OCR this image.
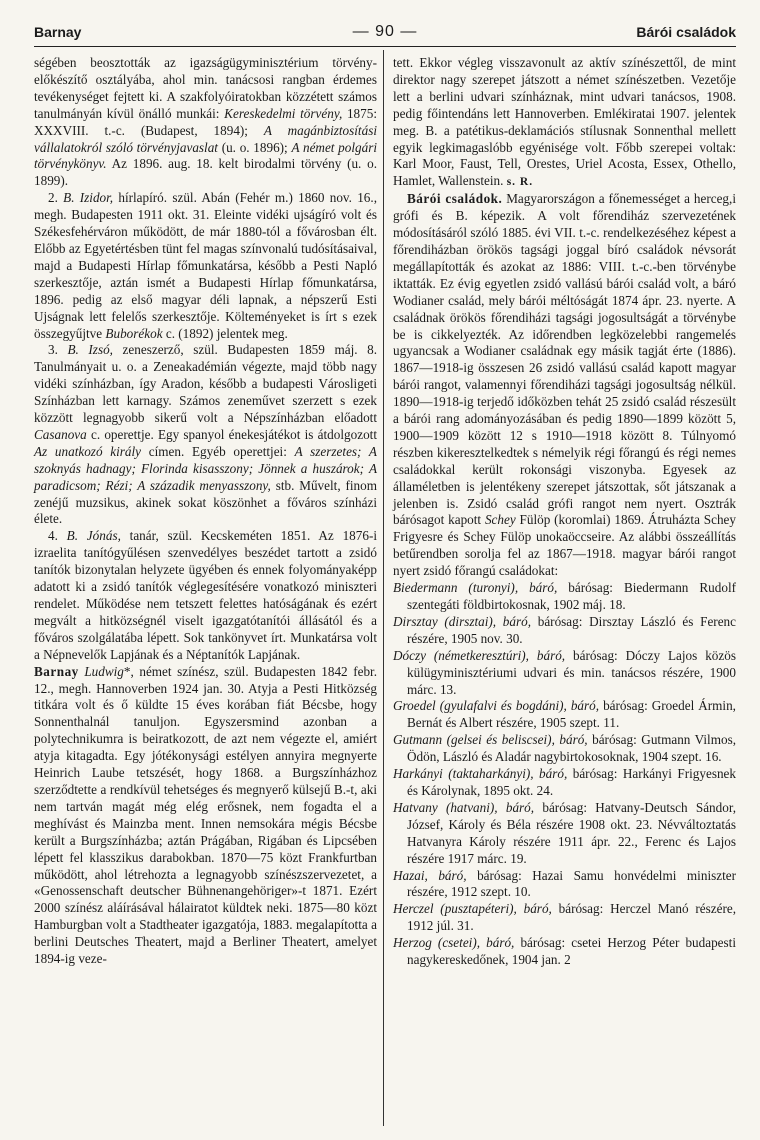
Barnay	— 90 —	Bárói családok

ségében beosztották az igazságügyminisztérium törvény-előkészítő osztályába, ahol min. tanácsosi rangban érdemes tevékenységet fejtett ki. A szakfolyóiratokban közzétett számos tanulmányán kívül önálló munkái: Kereskedelmi törvény, 1875: XXXVIII. t.-c. (Budapest, 1894); A magánbiztosítási vállalatokról szóló törvényjavaslat (u. o. 1896); A német polgári törvénykönyv. Az 1896. aug. 18. kelt birodalmi törvény (u. o. 1899).

2. B. Izidor, hírlapíró. szül. Abán (Fehér m.) 1860 nov. 16., megh. Budapesten 1911 okt. 31. Eleinte vidéki ujságíró volt és Székesfehérváron működött, de már 1880-tól a fővárosban élt. Előbb az Egyetértésben tünt fel magas színvonalú tudósításaival, majd a Budapesti Hírlap főmunkatársa, később a Pesti Napló szerkesztője, aztán ismét a Budapesti Hírlap főmunkatársa, 1896. pedig az első magyar déli lapnak, a népszerű Esti Ujságnak lett felelős szerkesztője. Költeményeket is írt s ezek összegyűjtve Buborékok c. (1892) jelentek meg.

3. B. Izsó, zeneszerző, szül. Budapesten 1859 máj. 8. Tanulmányait u. o. a Zeneakadémián végezte, majd több nagy vidéki színházban, így Aradon, később a budapesti Városligeti Színházban lett karnagy. Számos zeneművet szerzett s ezek közzött legnagyobb sikerű volt a Népszínházban előadott Casanova c. operettje. Egy spanyol énekesjátékot is átdolgozott Az unatkozó király címen. Egyéb operettjei: A szerzetes; A szoknyás hadnagy; Florinda kisasszony; Jönnek a huszárok; A paradicsom; Rézi; A századik menyasszony, stb. Művelt, finom zenéjű muzsikus, akinek sokat köszönhet a főváros színházi élete.

4. B. Jónás, tanár, szül. Kecskeméten 1851. Az 1876-i izraelita tanítógyűlésen szenvedélyes beszédet tartott a zsidó tanítók bizonytalan helyzete ügyében és ennek folyományaképp adatott ki a zsidó tanítók véglegesítésére vonatkozó miniszteri rendelet. Működése nem tetszett felettes hatóságának és ezért megvált a hitközségnél viselt igazgatótanítói állásától és a főváros szolgálatába lépett. Sok tankönyvet írt. Munkatársa volt a Népnevelők Lapjának és a Néptanítók Lapjának.

Barnay Ludwig*, német színész, szül. Budapesten 1842 febr. 12., megh. Hannoverben 1924 jan. 30. Atyja a Pesti Hitközség titkára volt és ő küldte 15 éves korában fiát Bécsbe, hogy Sonnenthalnál tanuljon. Egyszersmind azonban a polytechnikumra is beiratkozott, de azt nem végezte el, amiért atyja kitagadta. Egy jótékonysági estélyen annyira megnyerte Heinrich Laube tetszését, hogy 1868. a Burgszínházhoz szerződtette a rendkívül tehetséges és megnyerő külsejű B.-t, aki nem tartván magát még elég erősnek, nem fogadta el a meghívást és Mainzba ment. Innen nemsokára mégis Bécsbe került a Burgszínházba; aztán Prágában, Rigában és Lipcsében lépett fel klasszikus darabokban. 1870—75 közt Frankfurtban működött, ahol létrehozta a legnagyobb színészszervezetet, a «Genossenschaft deutscher Bühnenangehöriger»-t 1871. Ezért 2000 színész aláírásával hálairatot küldtek neki. 1875—80 közt Hamburgban volt a Stadtheater igazgatója, 1883. megalapította a berlini Deutsches Theatert, majd a Berliner Theatert, amelyet 1894-ig veze-

tett. Ekkor végleg visszavonult az aktív színészettől, de mint direktor nagy szerepet játszott a német színészetben. Vezetője lett a berlini udvari színháznak, mint udvari tanácsos, 1908. pedig főintendáns lett Hannoverben. Emlékiratai 1907. jelentek meg. B. a patétikus-deklamációs stílusnak Sonnenthal mellett egyik legkimagaslóbb egyénisége volt. Főbb szerepei voltak: Karl Moor, Faust, Tell, Orestes, Uriel Acosta, Essex, Othello, Hamlet, Wallenstein. s. R.

Bárói családok. Magyarországon a főnemességet a herceg,i grófi és B. képezik. A volt főrendiház szervezetének módosításáról szóló 1885. évi VII. t.-c. rendelkezéséhez képest a főrendiházban örökös tagsági joggal bíró családok névsorát megállapították és azokat az 1886: VIII. t.-c.-ben törvénybe iktatták. Ez évig egyetlen zsidó vallású bárói család volt, a báró Wodianer család, mely bárói méltóságát 1874 ápr. 23. nyerte. A családnak örökös főrendiházi tagsági jogosultságát a törvénybe be is cikkelyezték. Az időrendben legközelebbi rangemelés ugyancsak a Wodianer családnak egy másik tagját érte (1886). 1867—1918-ig összesen 26 zsidó vallású család kapott magyar bárói rangot, valamennyi főrendiházi tagsági jogosultság nélkül. 1890—1918-ig terjedő időközben tehát 25 zsidó család részesült a bárói rang adományozásában és pedig 1890—1899 között 5, 1900—1909 között 12 s 1910—1918 között 8. Túlnyomó részben kikeresztelkedtek s némelyik régi főrangú és régi nemes családokkal került rokonsági viszonyba. Egyesek az államéletben is jelentékeny szerepet játszottak, sőt játszanak a jelenben is. Zsidó család grófi rangot nem nyert. Osztrák bárósagot kapott Schey Fülöp (koromlai) 1869. Átruházta Schey Frigyesre és Schey Fülöp unokaöccseire. Az alábbi összeállítás betűrendben sorolja fel az 1867—1918. magyar bárói rangot nyert zsidó főrangú családokat:

Biedermann (turonyi), báró, bárósag: Biedermann Rudolf szentegáti földbirtokosnak, 1902 máj. 18.

Dirsztay (dirsztai), báró, bárósag: Dirsztay László és Ferenc részére, 1905 nov. 30.

Dóczy (németkeresztúri), báró, bárósag: Dóczy Lajos közös külügyminisztériumi udvari és min. tanácsos részére, 1900 márc. 13.

Groedel (gyulafalvi és bogdáni), báró, bárósag: Groedel Ármin, Bernát és Albert részére, 1905 szept. 11.

Gutmann (gelsei és beliscsei), báró, bárósag: Gutmann Vilmos, Ödön, László és Aladár nagybirtokosoknak, 1904 szept. 16.

Harkányi (taktaharkányi), báró, bárósag: Harkányi Frigyesnek és Károlynak, 1895 okt. 24.

Hatvany (hatvani), báró, bárósag: Hatvany-Deutsch Sándor, József, Károly és Béla részére 1908 okt. 23. Névváltoztatás Hatvanyra Károly részére 1911 ápr. 22., Ferenc és Lajos részére 1917 márc. 19.

Hazai, báró, bárósag: Hazai Samu honvédelmi miniszter részére, 1912 szept. 10.

Herczel (pusztapéteri), báró, bárósag: Herczel Manó részére, 1912 júl. 31.

Herzog (csetei), báró, bárósag: csetei Herzog Péter budapesti nagykereskedőnek, 1904 jan. 2
